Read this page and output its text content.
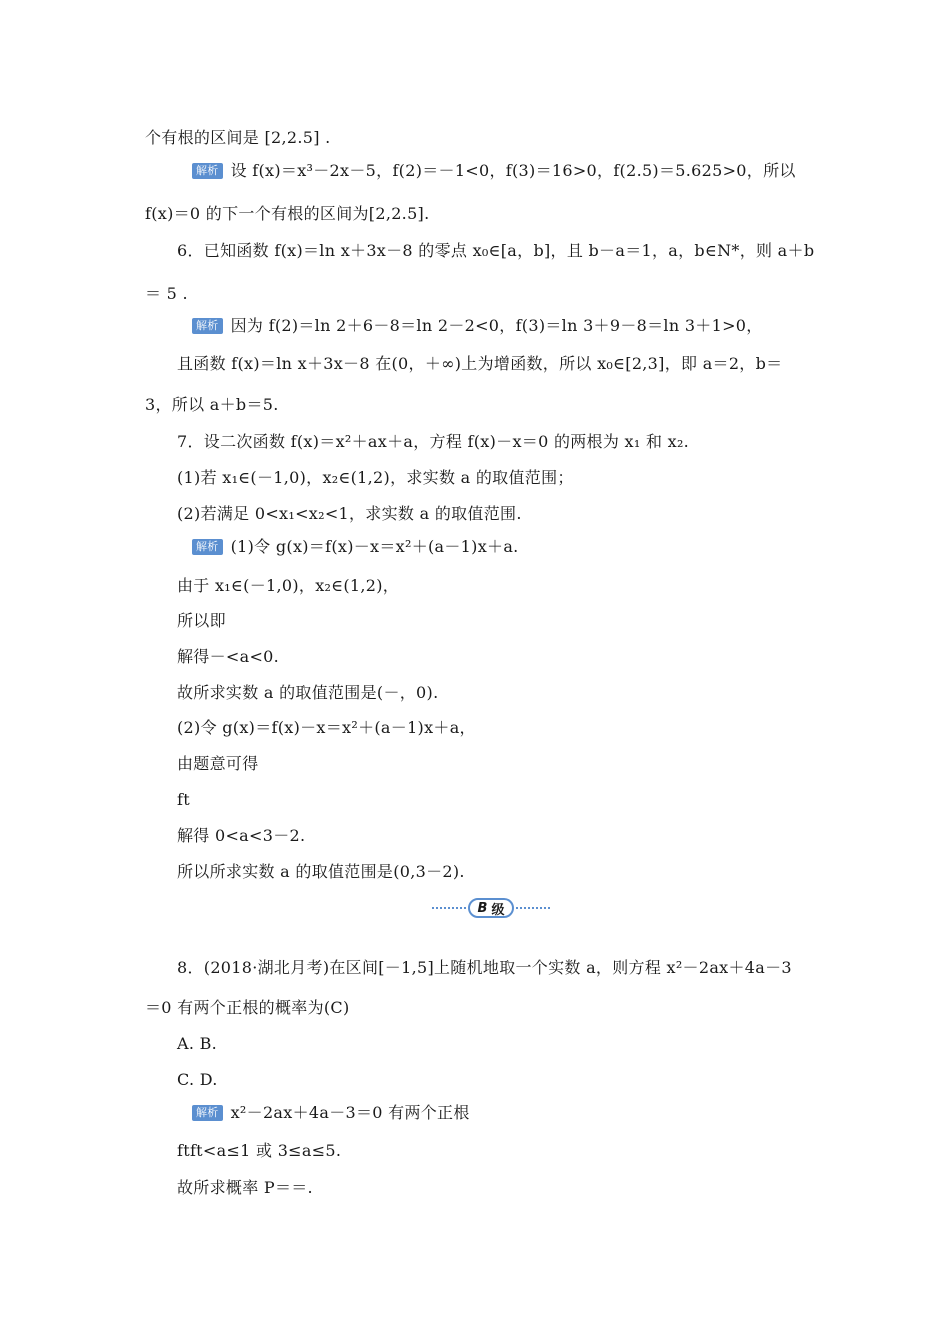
个有根的区间是 [2,2.5] .
解析 设 f(x)＝x³－2x－5，f(2)＝－1<0，f(3)＝16>0，f(2.5)＝5.625>0，所以
f(x)＝0 的下一个有根的区间为[2,2.5].
6．已知函数 f(x)＝ln x＋3x－8 的零点 x₀∈[a，b]，且 b－a＝1，a，b∈N*，则 a＋b
＝ 5 .
解析 因为 f(2)＝ln 2＋6－8＝ln 2－2<0，f(3)＝ln 3＋9－8＝ln 3＋1>0，
且函数 f(x)＝ln x＋3x－8 在(0，＋∞)上为增函数，所以 x₀∈[2,3]，即 a＝2，b＝
3，所以 a＋b＝5.
7．设二次函数 f(x)＝x²＋ax＋a，方程 f(x)－x＝0 的两根为 x₁ 和 x₂.
(1)若 x₁∈(－1,0)，x₂∈(1,2)，求实数 a 的取值范围；
(2)若满足 0<x₁<x₂<1，求实数 a 的取值范围.
解析 (1)令 g(x)＝f(x)－x＝x²＋(a－1)x＋a.
由于 x₁∈(－1,0)，x₂∈(1,2)，
所以即
解得－<a<0.
故所求实数 a 的取值范围是(－，0).
(2)令 g(x)＝f(x)－x＝x²＋(a－1)x＋a，
由题意可得
ft
解得 0<a<3－2.
所以所求实数 a 的取值范围是(0,3－2).
8．(2018·湖北月考)在区间[－1,5]上随机地取一个实数 a，则方程 x²－2ax＋4a－3
＝0 有两个正根的概率为(C)
A. B.
C. D.
解析 x²－2ax＋4a－3＝0 有两个正根
ftft<a≤1 或 3≤a≤5.
故所求概率 P＝＝.
B 级
